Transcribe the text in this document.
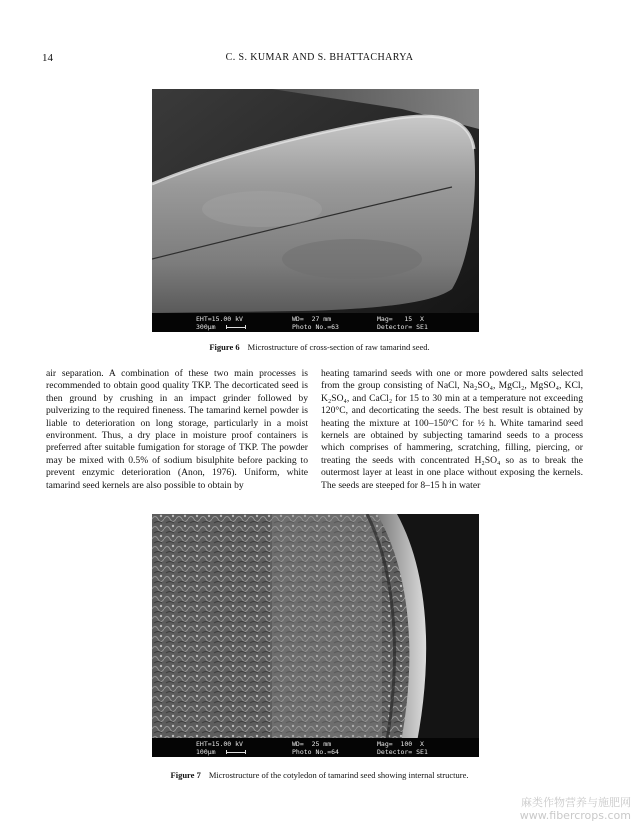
14	C. S. KUMAR AND S. BHATTACHARYA
EHT=15.00 kV	WD=  27 mm	Mag=   15  X
300μm	Photo No.=63	Detector= SE1
Figure 6 Microstructure of cross-section of raw tamarind seed.

air separation. A combination of these two main processes is recommended to obtain good quality TKP. The decorticated seed is then ground by crushing in an impact grinder followed by pulverizing to the required fineness. The tamarind kernel powder is liable to deterioration on long storage, particularly in a moist environment. Thus, a dry place in moisture proof containers is preferred after suitable fumigation for storage of TKP. The powder may be mixed with 0.5% of sodium bisulphite before packing to prevent enzymic deterioration (Anon, 1976). Uniform, white tamarind seed kernels are also possible to obtain by

heating tamarind seeds with one or more powdered salts selected from the group consisting of NaCl, Na₂SO₄, MgCl₂, MgSO₄, KCl, K₂SO₄, and CaCl₂ for 15 to 30 min at a temperature not exceeding 120°C, and decorticating the seeds. The best result is obtained by heating the mixture at 100–150°C for ½ h. White tamarind seed kernels are obtained by subjecting tamarind seeds to a process which comprises of hammering, scratching, filling, piercing, or treating the seeds with concentrated H₂SO₄ so as to break the outermost layer at least in one place without exposing the kernels. The seeds are steeped for 8–15 h in water

EHT=15.00 kV	WD=  25 mm	Mag=  100  X
100μm	Photo No.=64	Detector= SE1
Figure 7 Microstructure of the cotyledon of tamarind seed showing internal structure.
麻类作物营养与施肥网
www.fibercrops.com
